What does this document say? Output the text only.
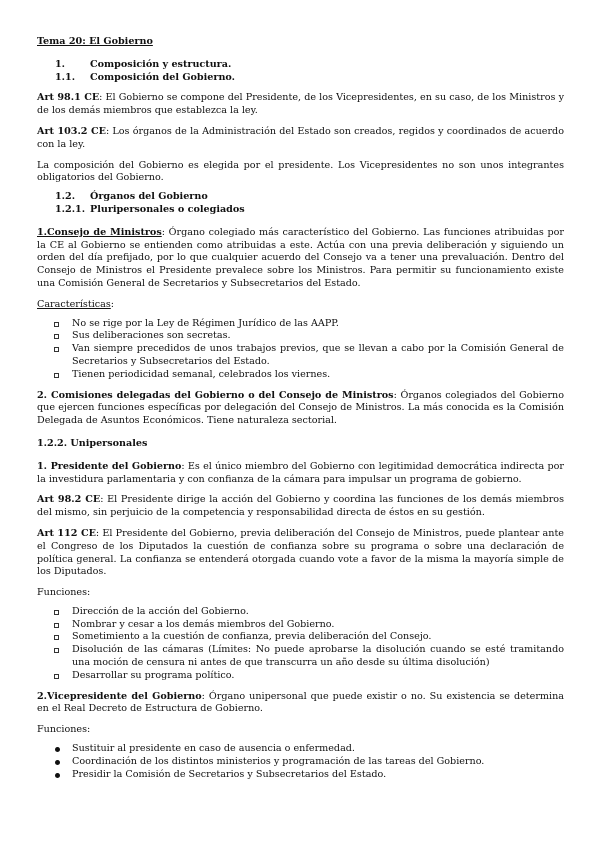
Tema 20: El Gobierno
1.	Composición y estructura.
1.1.	Composición del Gobierno.

Art 98.1 CE: El Gobierno se compone del Presidente, de los Vicepresidentes, en su caso, de los Ministros y de los demás miembros que establezca la ley.

Art 103.2 CE: Los órganos de la Administración del Estado son creados, regidos y coordinados de acuerdo con la ley.

La composición del Gobierno es elegida por el presidente. Los Vicepresidentes no son unos integrantes obligatorios del Gobierno.

1.2.	Órganos del Gobierno
1.2.1. Pluripersonales o colegiados

1.Consejo de Ministros: Órgano colegiado más característico del Gobierno. Las funciones atribuidas por la CE al Gobierno se entienden como atribuidas a este. Actúa con una previa deliberación y siguiendo un orden del día prefijado, por lo que cualquier acuerdo del Consejo va a tener una prevaluación. Dentro del Consejo de Ministros el Presidente prevalece sobre los Ministros. Para permitir su funcionamiento existe una Comisión General de Secretarios y Subsecretarios del Estado.

Características:

No se rige por la Ley de Régimen Jurídico de las AAPP.
Sus deliberaciones son secretas.
Van siempre precedidos de unos trabajos previos, que se llevan a cabo por la Comisión General de Secretarios y Subsecretarios del Estado.
Tienen periodicidad semanal, celebrados los viernes.

2. Comisiones delegadas del Gobierno o del Consejo de Ministros: Órganos colegiados del Gobierno que ejercen funciones específicas por delegación del Consejo de Ministros. La más conocida es la Comisión Delegada de Asuntos Económicos. Tiene naturaleza sectorial.

1.2.2. Unipersonales

1. Presidente del Gobierno: Es el único miembro del Gobierno con legitimidad democrática indirecta por la investidura parlamentaria y con confianza de la cámara para impulsar un programa de gobierno.

Art 98.2 CE: El Presidente dirige la acción del Gobierno y coordina las funciones de los demás miembros del mismo, sin perjuicio de la competencia y responsabilidad directa de éstos en su gestión.

Art 112 CE: El Presidente del Gobierno, previa deliberación del Consejo de Ministros, puede plantear ante el Congreso de los Diputados la cuestión de confianza sobre su programa o sobre una declaración de política general. La confianza se entenderá otorgada cuando vote a favor de la misma la mayoría simple de los Diputados.

Funciones:

Dirección de la acción del Gobierno.
Nombrar y cesar a los demás miembros del Gobierno.
Sometimiento a la cuestión de confianza, previa deliberación del Consejo.
Disolución de las cámaras (Límites: No puede aprobarse la disolución cuando se esté tramitando una moción de censura ni antes de que transcurra un año desde su última disolución)
Desarrollar su programa político.

2.Vicepresidente del Gobierno: Órgano unipersonal que puede existir o no. Su existencia se determina en el Real Decreto de Estructura de Gobierno.

Funciones:

Sustituir al presidente en caso de ausencia o enfermedad.
Coordinación de los distintos ministerios y programación de las tareas del Gobierno.
Presidir la Comisión de Secretarios y Subsecretarios del Estado.
